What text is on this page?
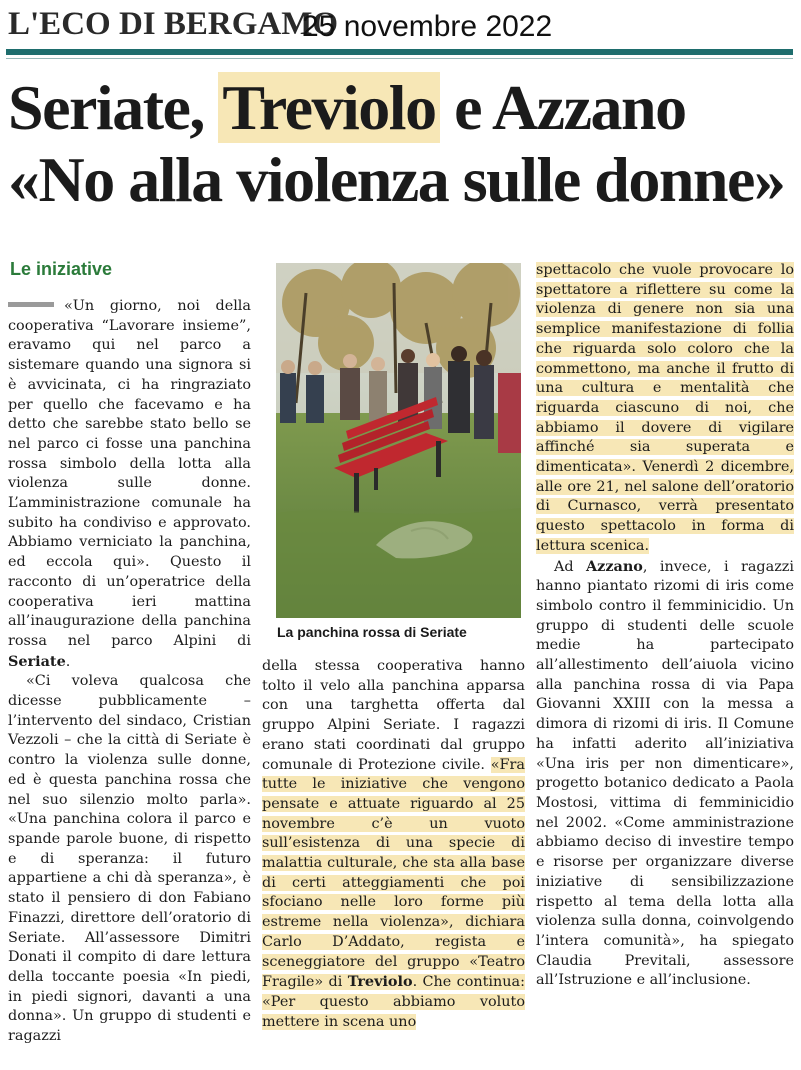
L'ECO DI BERGAMO
25 novembre 2022
Seriate, Treviolo e Azzano
«No alla violenza sulle donne»
Le iniziative

«Un giorno, noi della cooperativa “Lavorare insieme”, eravamo qui nel parco a sistemare quando una signora si è avvicinata, ci ha ringraziato per quello che facevamo e ha detto che sarebbe stato bello se nel parco ci fosse una panchina rossa simbolo della lotta alla violenza sulle donne. L’amministrazione comunale ha subito ha condiviso e approvato. Abbiamo verniciato la panchina, ed eccola qui». Questo il racconto di un’operatrice della cooperativa ieri mattina all’inaugurazione della panchina rossa nel parco Alpini di Seriate.

«Ci voleva qualcosa che dicesse pubblicamente – l’intervento del sindaco, Cristian Vezzoli – che la città di Seriate è contro la violenza sulle donne, ed è questa panchina rossa che nel suo silenzio molto parla». «Una panchina colora il parco e spande parole buone, di rispetto e di speranza: il futuro appartiene a chi dà speranza», è stato il pensiero di don Fabiano Finazzi, direttore dell’oratorio di Seriate. All’assessore Dimitri Donati il compito di dare lettura della toccante poesia «In piedi, in piedi signori, davanti a una donna». Un gruppo di studenti e ragazzi

La panchina rossa di Seriate

della stessa cooperativa hanno tolto il velo alla panchina apparsa con una targhetta offerta dal gruppo Alpini Seriate. I ragazzi erano stati coordinati dal gruppo comunale di Protezione civile. «Fra tutte le iniziative che vengono pensate e attuate riguardo al 25 novembre c’è un vuoto sull’esistenza di una specie di malattia culturale, che sta alla base di certi atteggiamenti che poi sfociano nelle loro forme più estreme nella violenza», dichiara Carlo D’Addato, regista e sceneggiatore del gruppo «Teatro Fragile» di Treviolo. Che continua: «Per questo abbiamo voluto mettere in scena uno

spettacolo che vuole provocare lo spettatore a riflettere su come la violenza di genere non sia una semplice manifestazione di follia che riguarda solo coloro che la commettono, ma anche il frutto di una cultura e mentalità che riguarda ciascuno di noi, che abbiamo il dovere di vigilare affinché sia superata e dimenticata». Venerdì 2 dicembre, alle ore 21, nel salone dell’oratorio di Curnasco, verrà presentato questo spettacolo in forma di lettura scenica.

Ad Azzano, invece, i ragazzi hanno piantato rizomi di iris come simbolo contro il femminicidio. Un gruppo di studenti delle scuole medie ha partecipato all’allestimento dell’aiuola vicino alla panchina rossa di via Papa Giovanni XXIII con la messa a dimora di rizomi di iris. Il Comune ha infatti aderito all’iniziativa «Una iris per non dimenticare», progetto botanico dedicato a Paola Mostosi, vittima di femminicidio nel 2002. «Come amministrazione abbiamo deciso di investire tempo e risorse per organizzare diverse iniziative di sensibilizzazione rispetto al tema della lotta alla violenza sulla donna, coinvolgendo l’intera comunità», ha spiegato Claudia Previtali, assessore all’Istruzione e all’inclusione.
